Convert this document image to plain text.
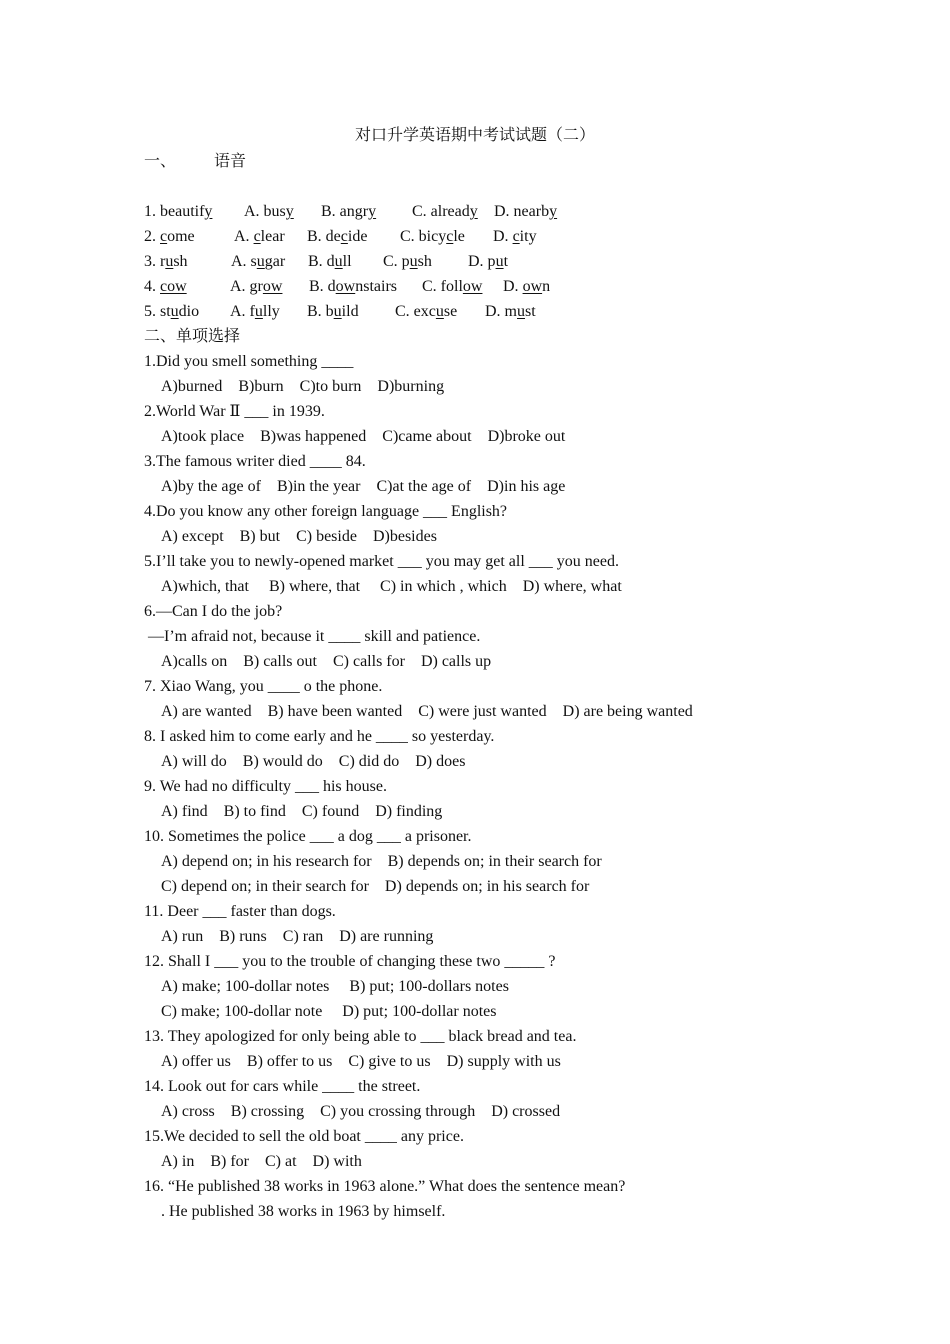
对口升学英语期中考试试题（二）
一、 语音
1. beautify A. busy B. angry C. already D. nearby
2. come A. clear B. decide C. bicycle D. city
3. rush	A. sugar B. dull C. push D. put
4. cow	A. grow B. downstairs C. follow D. own
5. studio A. fully B. build C. excuse D. must
二、单项选择
1.Did you smell something ____
A)burned    B)burn    C)to burn    D)burning
2.World War Ⅱ ___ in 1939.
A)took place    B)was happened    C)came about    D)broke out
3.The famous writer died ____ 84.
A)by the age of    B)in the year    C)at the age of    D)in his age
4.Do you know any other foreign language ___ English?
A) except    B) but    C) beside    D)besides
5.I’ll take you to newly-opened market ___ you may get all ___ you need.
A)which, that     B) where, that     C) in which , which    D) where, what
6.—Can I do the job?
—I’m afraid not, because it ____ skill and patience.
A)calls on    B) calls out    C) calls for    D) calls up
7. Xiao Wang, you ____ o the phone.
A) are wanted    B) have been wanted    C) were just wanted    D) are being wanted
8. I asked him to come early and he ____ so yesterday.
A) will do    B) would do    C) did do    D) does
9. We had no difficulty ___ his house.
A) find    B) to find    C) found    D) finding
10. Sometimes the police ___ a dog ___ a prisoner.
A) depend on; in his research for    B) depends on; in their search for
C) depend on; in their search for    D) depends on; in his search for
11. Deer ___ faster than dogs.
A) run    B) runs    C) ran    D) are running
12. Shall I ___ you to the trouble of changing these two _____ ?
A) make; 100-dollar notes     B) put; 100-dollars notes
C) make; 100-dollar note     D) put; 100-dollar notes
13. They apologized for only being able to ___ black bread and tea.
A) offer us    B) offer to us    C) give to us    D) supply with us
14. Look out for cars while ____ the street.
A) cross    B) crossing    C) you crossing through    D) crossed
15.We decided to sell the old boat ____ any price.
A) in    B) for    C) at    D) with
16. “He published 38 works in 1963 alone.” What does the sentence mean?
. He published 38 works in 1963 by himself.
